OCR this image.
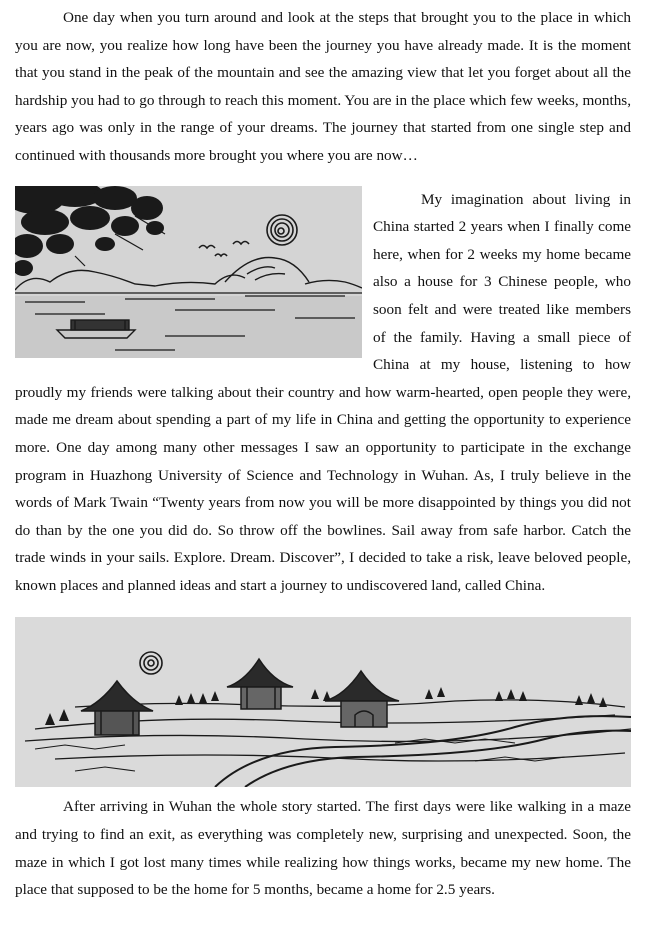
One day when you turn around and look at the steps that brought you to the place in which you are now, you realize how long have been the journey you have already made. It is the moment that you stand in the peak of the mountain and see the amazing view that let you forget about all the hardship you had to go through to reach this moment. You are in the place which few weeks, months, years ago was only in the range of your dreams. The journey that started from one single step and continued with thousands more brought you where you are now…

My imagination about living in China started 2 years when I finally come here, when for 2 weeks my home became also a house for 3 Chinese people, who soon felt and were treated like members of the family. Having a small piece of China at my house, listening to how proudly my friends were talking about their country and how warm-hearted, open people they were, made me dream about spending a part of my life in China and getting the opportunity to experience more. One day among many other messages I saw an opportunity to participate in the exchange program in Huazhong University of Science and Technology in Wuhan. As, I truly believe in the words of Mark Twain “Twenty years from now you will be more disappointed by things you did not do than by the one you did do. So throw off the bowlines. Sail away from safe harbor. Catch the trade winds in your sails. Explore. Dream. Discover”, I decided to take a risk, leave beloved people, known places and planned ideas and start a journey to undiscovered land, called China.

After arriving in Wuhan the whole story started. The first days were like walking in a maze and trying to find an exit, as everything was completely new, surprising and unexpected. Soon, the maze in which I got lost many times while realizing how things works, became my new home. The place that supposed to be the home for 5 months, became a home for 2.5 years.
